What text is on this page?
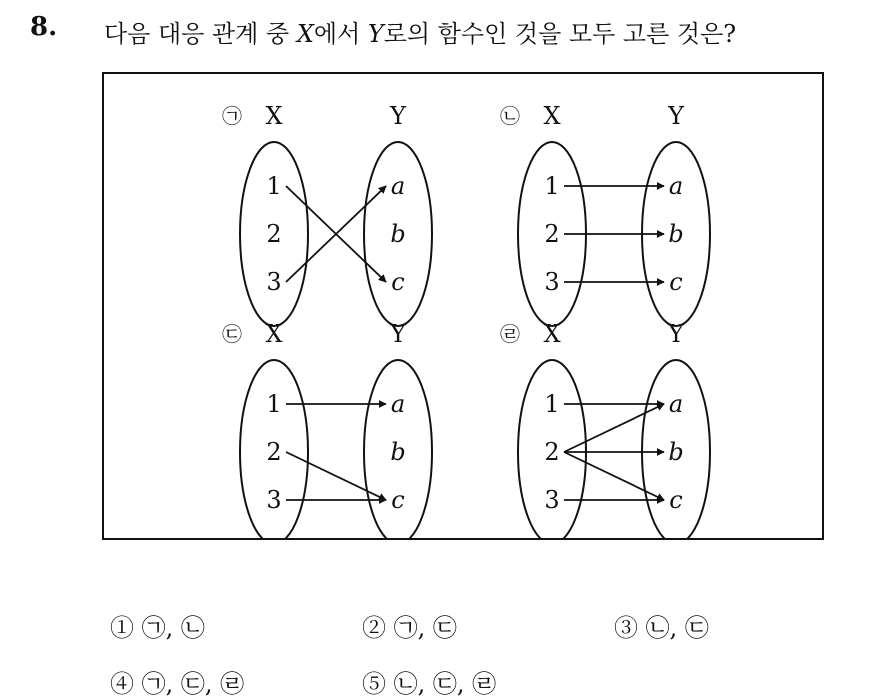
8. 다음 대응 관계 중 X에서 Y로의 함수인 것을 모두 고른 것은?
㉠ X	Y
1
2
3
a
b
c
㉡ X	Y
1
2
3
a
b
c
㉢ X	Y
1
2
3
a
b
c
㉣ X	Y
1
2
3
a
b
c
① ㉠, ㉡	② ㉠, ㉢	③ ㉡, ㉢
④ ㉠, ㉢, ㉣	⑤ ㉡, ㉢, ㉣
